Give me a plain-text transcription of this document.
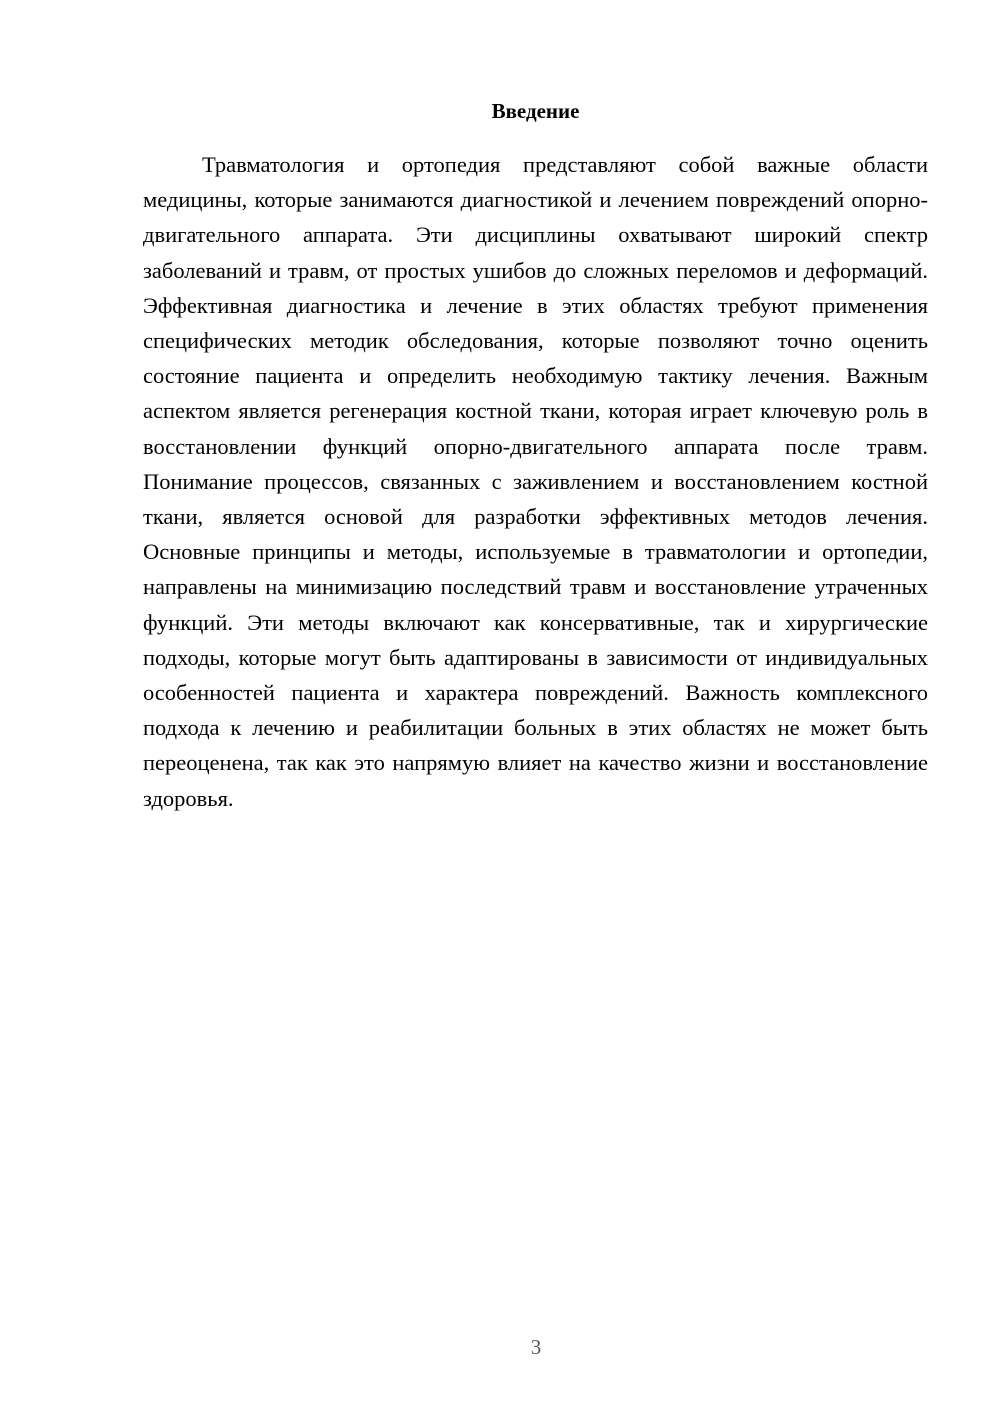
Введение

Травматология и ортопедия представляют собой важные области медицины, которые занимаются диагностикой и лечением повреждений опорно-двигательного аппарата. Эти дисциплины охватывают широкий спектр заболеваний и травм, от простых ушибов до сложных переломов и деформаций. Эффективная диагностика и лечение в этих областях требуют применения специфических методик обследования, которые позволяют точно оценить состояние пациента и определить необходимую тактику лечения. Важным аспектом является регенерация костной ткани, которая играет ключевую роль в восстановлении функций опорно-двигательного аппарата после травм. Понимание процессов, связанных с заживлением и восстановлением костной ткани, является основой для разработки эффективных методов лечения. Основные принципы и методы, используемые в травматологии и ортопедии, направлены на минимизацию последствий травм и восстановление утраченных функций. Эти методы включают как консервативные, так и хирургические подходы, которые могут быть адаптированы в зависимости от индивидуальных особенностей пациента и характера повреждений. Важность комплексного подхода к лечению и реабилитации больных в этих областях не может быть переоценена, так как это напрямую влияет на качество жизни и восстановление здоровья.

3
